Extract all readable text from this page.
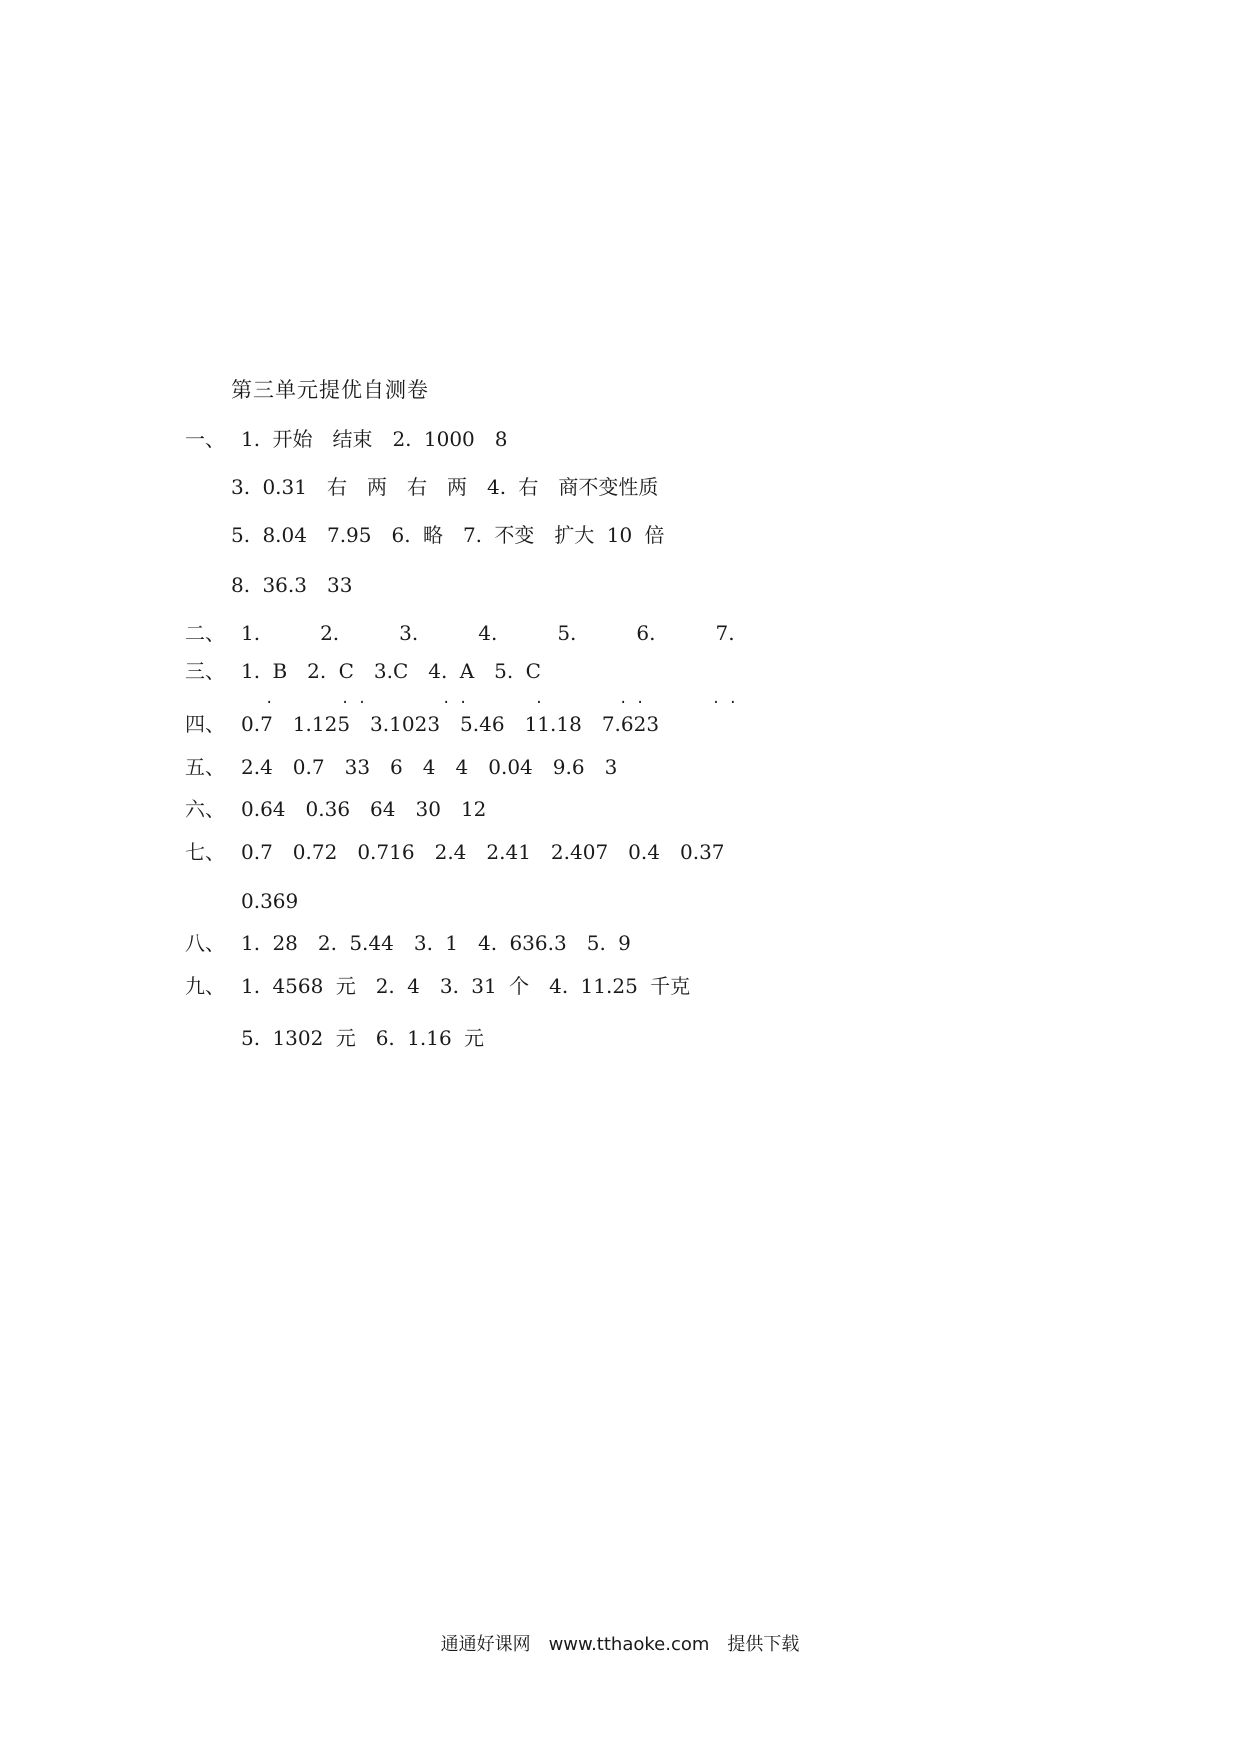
第三单元提优自测卷
一、 1. 开始　结束　2. 1000　8
3. 0.31　右　两　右　两　4. 右　商不变性质
5. 8.04　7.95　6. 略　7. 不变　扩大 10 倍
8. 36.3　33
二、 1.　　　2.　　　3.　　　4.　　　5.　　　6.　　　7.
三、 1. B　2. C　3.C　4. A　5. C
.        . .         . .        .         . .        . .
四、 0.7　1.125　3.1023　5.46　11.18　7.623
五、 2.4　0.7　33　6　4　4　0.04　9.6　3
六、 0.64　0.36　64　30　12
七、 0.7　0.72　0.716　2.4　2.41　2.407　0.4　0.37
0.369
八、 1. 28　2. 5.44　3. 1　4. 636.3　5. 9
九、 1. 4568 元　2. 4　3. 31 个　4. 11.25 千克
5. 1302 元　6. 1.16 元
通通好课网　www.tthaoke.com　提供下载
